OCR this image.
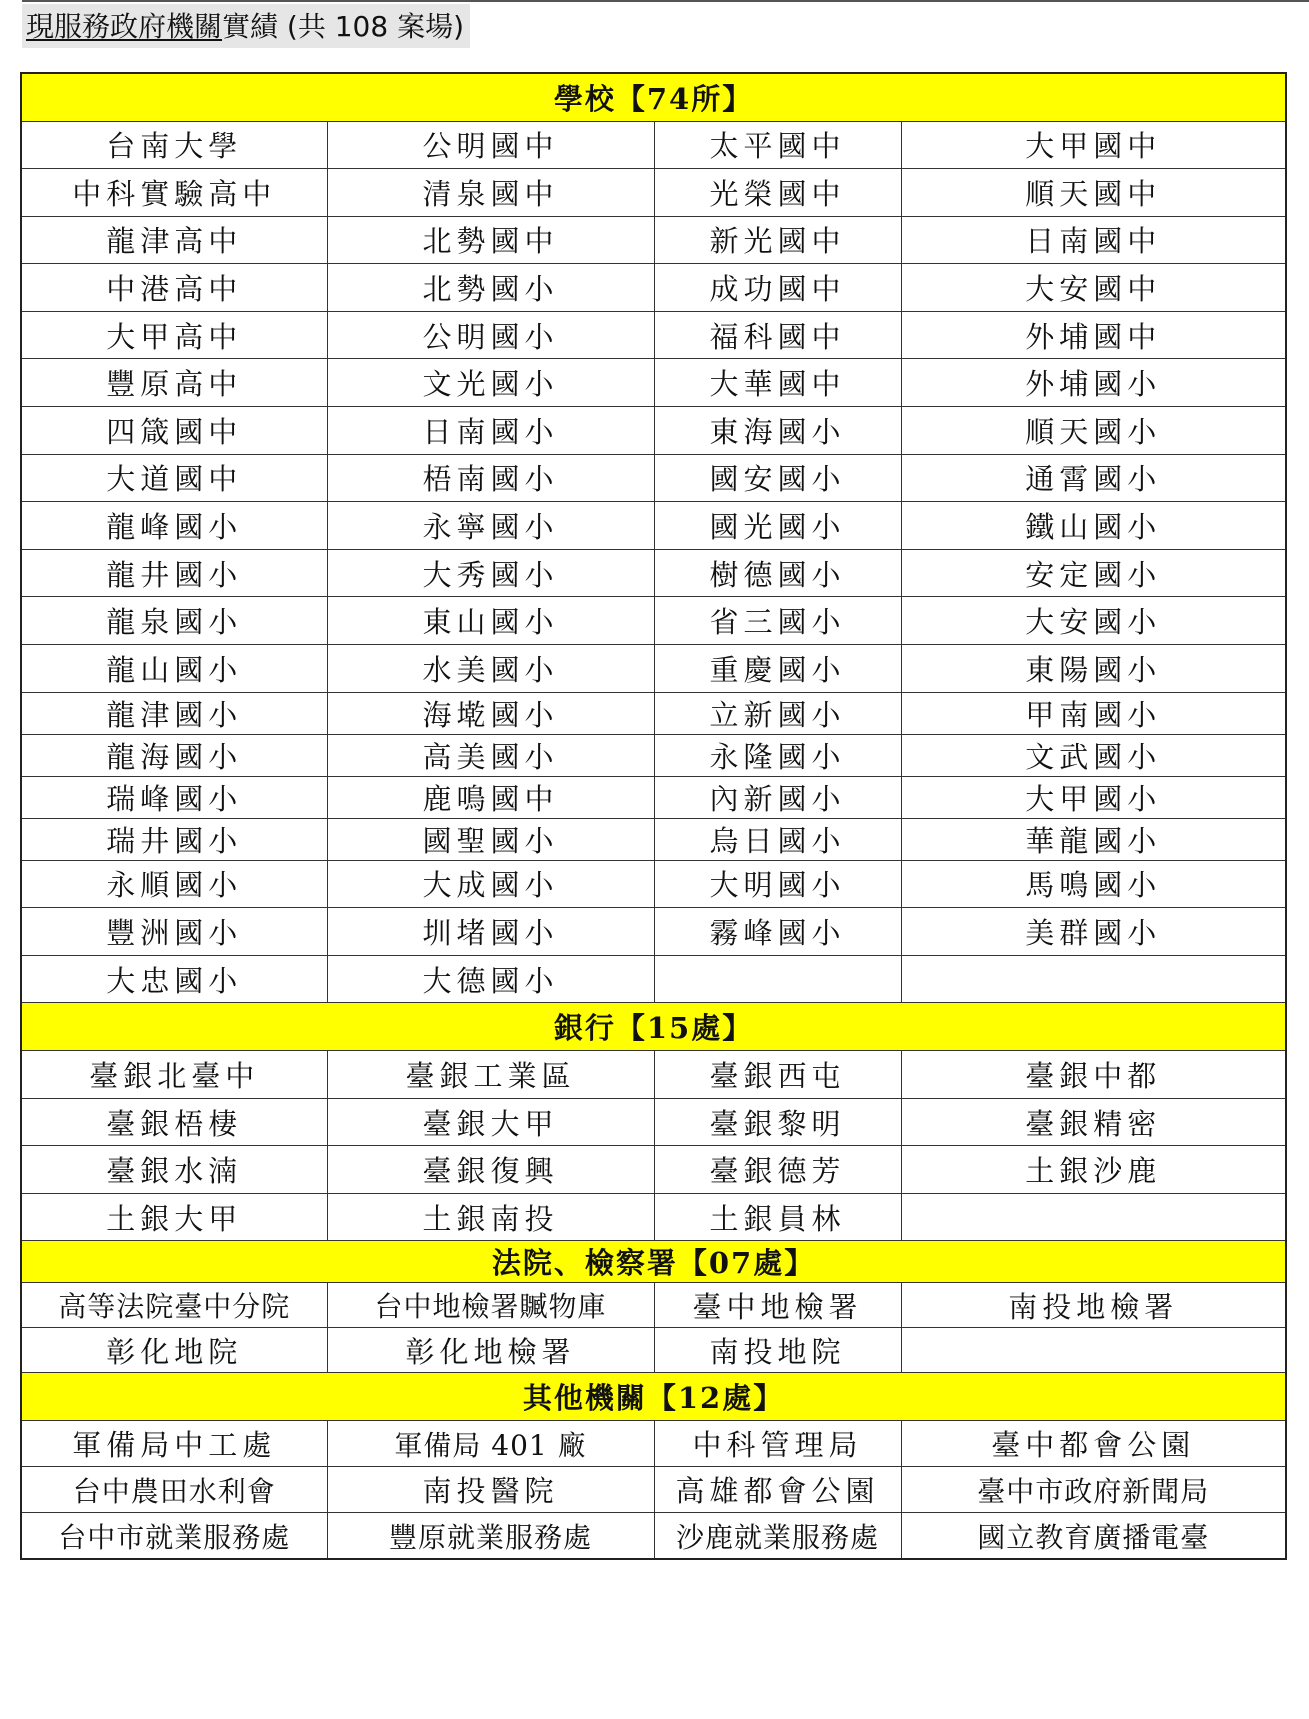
現服務政府機關實績 (共 108 案場)
學校【74所】			
台南大學	公明國中	太平國中	大甲國中
中科實驗高中	清泉國中	光榮國中	順天國中
龍津高中	北勢國中	新光國中	日南國中
中港高中	北勢國小	成功國中	大安國中
大甲高中	公明國小	福科國中	外埔國中
豐原高中	文光國小	大華國中	外埔國小
四箴國中	日南國小	東海國小	順天國小
大道國中	梧南國小	國安國小	通霄國小
龍峰國小	永寧國小	國光國小	鐵山國小
龍井國小	大秀國小	樹德國小	安定國小
龍泉國小	東山國小	省三國小	大安國小
龍山國小	水美國小	重慶國小	東陽國小
龍津國小	海墘國小	立新國小	甲南國小
龍海國小	高美國小	永隆國小	文武國小
瑞峰國小	鹿鳴國中	內新國小	大甲國小
瑞井國小	國聖國小	烏日國小	華龍國小
永順國小	大成國小	大明國小	馬鳴國小
豐洲國小	圳堵國小	霧峰國小	美群國小
大忠國小	大德國小		
銀行【15處】			
臺銀北臺中	臺銀工業區	臺銀西屯	臺銀中都
臺銀梧棲	臺銀大甲	臺銀黎明	臺銀精密
臺銀水湳	臺銀復興	臺銀德芳	土銀沙鹿
土銀大甲	土銀南投	土銀員林	
法院、檢察署【07處】			
高等法院臺中分院	台中地檢署贓物庫	臺中地檢署	南投地檢署
彰化地院	彰化地檢署	南投地院	
其他機關【12處】			
軍備局中工處	軍備局 401 廠	中科管理局	臺中都會公園
台中農田水利會	南投醫院	高雄都會公園	臺中市政府新聞局
台中市就業服務處	豐原就業服務處	沙鹿就業服務處	國立教育廣播電臺
